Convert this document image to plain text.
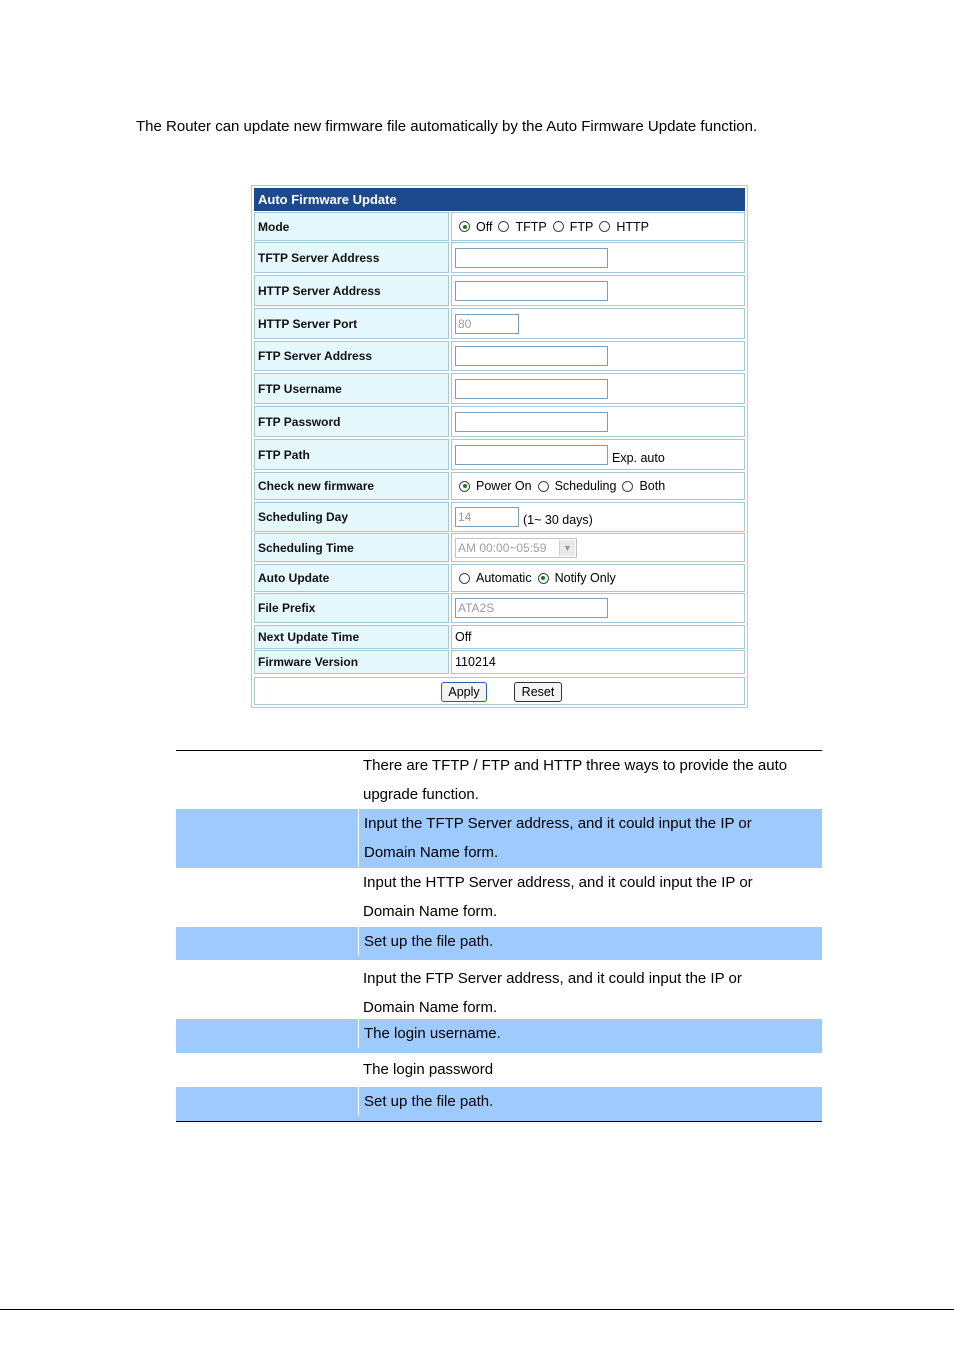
The Router can update new firmware file automatically by the Auto Firmware Update function.
Auto Firmware Update
Mode	Off TFTP FTP HTTP
TFTP Server Address
HTTP Server Address
HTTP Server Port	80
FTP Server Address
FTP Username
FTP Password
FTP Path	Exp. auto
Check new firmware	Power On Scheduling Both
Scheduling Day	14	(1~ 30 days)
Scheduling Time	AM 00:00~05:59	▼
Auto Update	Automatic Notify Only
File Prefix	ATA2S
Next Update Time	Off
Firmware Version	110214
Apply	Reset
There are TFTP / FTP and HTTP three ways to provide the auto
upgrade function.
Input the TFTP Server address, and it could input the IP or
Domain Name form.
Input the HTTP Server address, and it could input the IP or
Domain Name form.
Set up the file path.
Input the FTP Server address, and it could input the IP or
Domain Name form.
The login username.
The login password
Set up the file path.
